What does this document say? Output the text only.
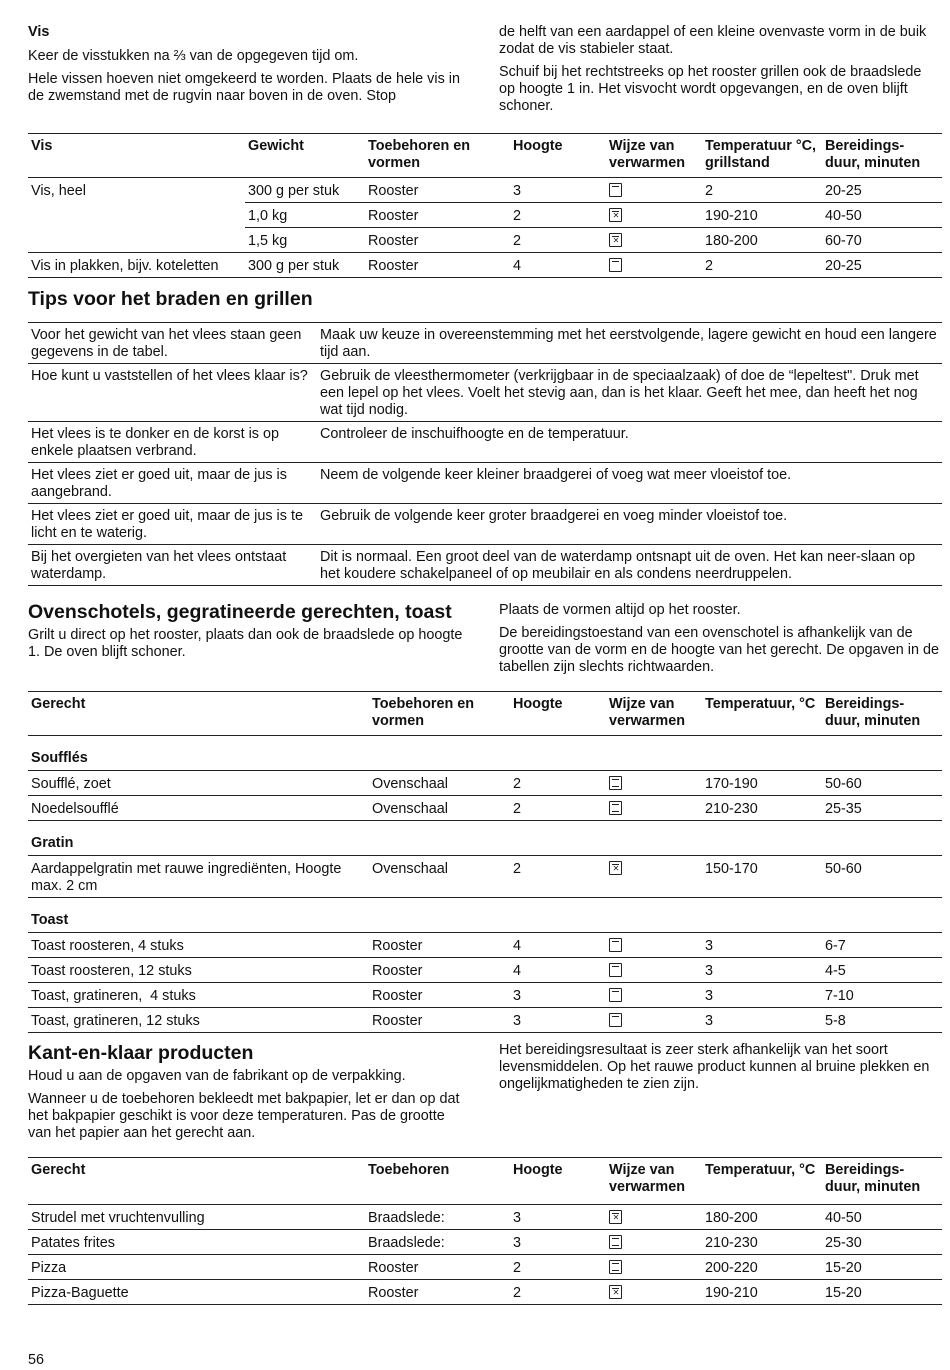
Vis

Keer de visstukken na ⅔ van de opgegeven tijd om.

Hele vissen hoeven niet omgekeerd te worden. Plaats de hele vis in de zwemstand met de rugvin naar boven in de oven. Stop

de helft van een aardappel of een kleine ovenvaste vorm in de buik zodat de vis stabieler staat.

Schuif bij het rechtstreeks op het rooster grillen ook de braadslede op hoogte 1 in. Het visvocht wordt opgevangen, en de oven blijft schoner.

Vis	Gewicht	Toebehoren en vormen	Hoogte	Wijze van verwarmen	Temperatuur °C, grillstand	Bereidings-duur, minuten
Vis, heel	300 g per stuk	Rooster	3		2	20-25
	1,0 kg	Rooster	2	✕	190-210	40-50
	1,5 kg	Rooster	2	✕	180-200	60-70
Vis in plakken, bijv. koteletten	300 g per stuk	Rooster	4		2	20-25
Tips voor het braden en grillen
Voor het gewicht van het vlees staan geen gegevens in de tabel.	Maak uw keuze in overeenstemming met het eerstvolgende, lagere gewicht en houd een langere tijd aan.
Hoe kunt u vaststellen of het vlees klaar is?	Gebruik de vleesthermometer (verkrijgbaar in de speciaalzaak) of doe de “lepeltest". Druk met een lepel op het vlees. Voelt het stevig aan, dan is het klaar. Geeft het mee, dan heeft het nog wat tijd nodig.
Het vlees is te donker en de korst is op enkele plaatsen verbrand.	Controleer de inschuifhoogte en de temperatuur.
Het vlees ziet er goed uit, maar de jus is aangebrand.	Neem de volgende keer kleiner braadgerei of voeg wat meer vloeistof toe.
Het vlees ziet er goed uit, maar de jus is te licht en te waterig.	Gebruik de volgende keer groter braadgerei en voeg minder vloeistof toe.
Bij het overgieten van het vlees ontstaat waterdamp.	Dit is normaal. Een groot deel van de waterdamp ontsnapt uit de oven. Het kan neer-slaan op het koudere schakelpaneel of op meubilair en als condens neerdruppelen.
Ovenschotels, gegratineerde gerechten, toast

Grilt u direct op het rooster, plaats dan ook de braadslede op hoogte 1. De oven blijft schoner.

Plaats de vormen altijd op het rooster.

De bereidingstoestand van een ovenschotel is afhankelijk van de grootte van de vorm en de hoogte van het gerecht. De opgaven in de tabellen zijn slechts richtwaarden.

Gerecht	Toebehoren en vormen	Hoogte	Wijze van verwarmen	Temperatuur, °C	Bereidings-duur, minuten
Soufflés					
Soufflé, zoet	Ovenschaal	2		170-190	50-60
Noedelsoufflé	Ovenschaal	2		210-230	25-35
Gratin					
Aardappelgratin met rauwe ingrediënten, Hoogte max. 2 cm	Ovenschaal	2	✕	150-170	50-60
Toast					
Toast roosteren, 4 stuks	Rooster	4		3	6-7
Toast roosteren, 12 stuks	Rooster	4		3	4-5
Toast, gratineren,  4 stuks	Rooster	3		3	7-10
Toast, gratineren, 12 stuks	Rooster	3		3	5-8
Kant-en-klaar producten

Houd u aan de opgaven van de fabrikant op de verpakking.

Wanneer u de toebehoren bekleedt met bakpapier, let er dan op dat het bakpapier geschikt is voor deze temperaturen. Pas de grootte van het papier aan het gerecht aan.

Het bereidingsresultaat is zeer sterk afhankelijk van het soort levensmiddelen. Op het rauwe product kunnen al bruine plekken en ongelijkmatigheden te zien zijn.

Gerecht	Toebehoren	Hoogte	Wijze van verwarmen	Temperatuur, °C	Bereidings-duur, minuten
Strudel met vruchtenvulling	Braadslede:	3	✕	180-200	40-50
Patates frites	Braadslede:	3		210-230	25-30
Pizza	Rooster	2		200-220	15-20
Pizza-Baguette	Rooster	2	✕	190-210	15-20
56
